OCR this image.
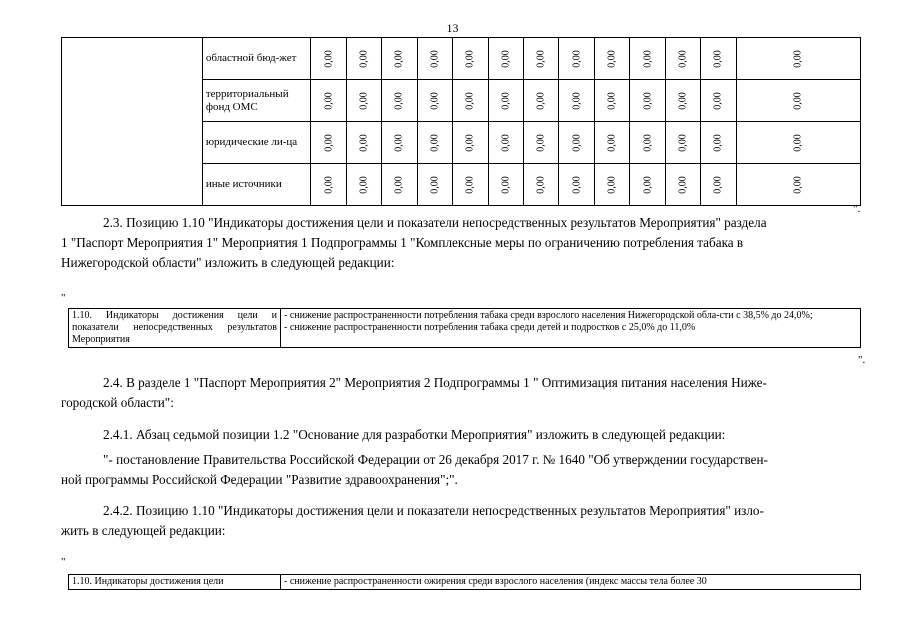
13
	областной бюд-жет	0,00	0,00	0,00	0,00	0,00	0,00	0,00	0,00	0,00	0,00	0,00	0,00	0,00

	территориальный фонд ОМС	0,00	0,00	0,00	0,00	0,00	0,00	0,00	0,00	0,00	0,00	0,00	0,00	0,00

	юридические ли-ца	0,00	0,00	0,00	0,00	0,00	0,00	0,00	0,00	0,00	0,00	0,00	0,00	0,00

	иные источники	0,00	0,00	0,00	0,00	0,00	0,00	0,00	0,00	0,00	0,00	0,00	0,00	0,00
".
2.3. Позицию 1.10 "Индикаторы достижения цели и показатели непосредственных результатов Мероприятия" раздела
1 "Паспорт Мероприятия 1" Мероприятия 1 Подпрограммы 1 "Комплексные меры по ограничению потребления табака в
Нижегородской области" изложить в следующей редакции:
"
1.10. Индикаторы достижения цели и показатели непосредственных результатов Мероприятия	- снижение распространенности потребления табака среди взрослого населения Нижегородской обла-сти с 38,5% до 24,0%;
- снижение распространенности потребления табака среди детей и подростков с 25,0% до 11,0%
".
2.4. В разделе 1 "Паспорт Мероприятия 2" Мероприятия 2 Подпрограммы 1 " Оптимизация питания населения Ниже-
городской области":
2.4.1. Абзац седьмой позиции 1.2 "Основание для разработки Мероприятия" изложить в следующей редакции:
"- постановление Правительства Российской Федерации от 26 декабря 2017 г. № 1640 "Об утверждении государствен-
ной программы Российской Федерации "Развитие здравоохранения";".
2.4.2. Позицию 1.10 "Индикаторы достижения цели и показатели непосредственных результатов Мероприятия" изло-
жить в следующей редакции:
"
1.10. Индикаторы достижения цели	- снижение распространенности ожирения среди взрослого населения (индекс массы тела более 30
